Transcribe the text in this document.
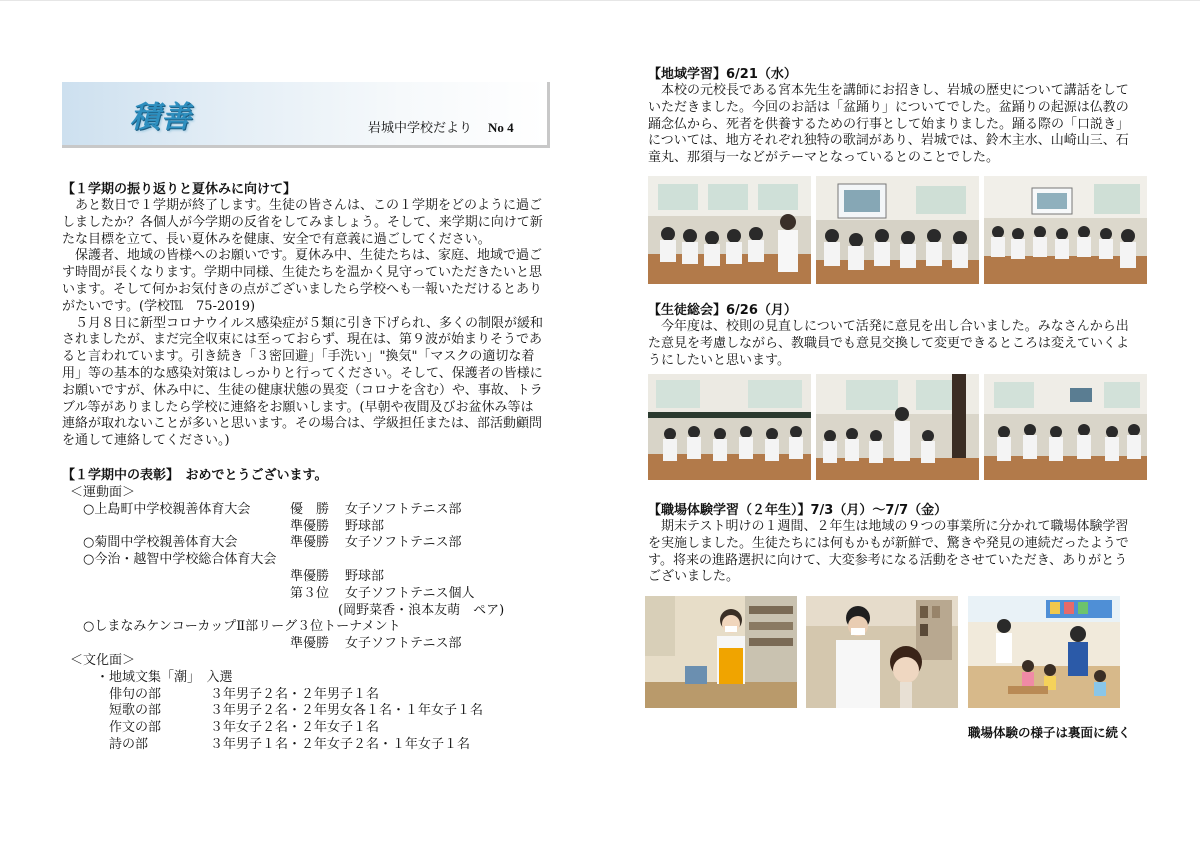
積善	岩城中学校だより No 4
【１学期の振り返りと夏休みに向けて】

　あと数日で１学期が終了します。生徒の皆さんは、この１学期をどのように過ご

しましたか？各個人が今学期の反省をしてみましょう。そして、来学期に向けて新

たな目標を立て、長い夏休みを健康、安全で有意義に過ごしてください。

　保護者、地域の皆様へのお願いです。夏休み中、生徒たちは、家庭、地域で過ご

す時間が長くなります。学期中同様、生徒たちを温かく見守っていただきたいと思

います。そして何かお気付きの点がございましたら学校へも一報いただけるとあり

がたいです。(学校℡　75-2019)

　５月８日に新型コロナウイルス感染症が５類に引き下げられ、多くの制限が緩和

されましたが、まだ完全収束には至っておらず、現在は、第９波が始まりそうであ

ると言われています。引き続き「３密回避」「手洗い」"換気"「マスクの適切な着

用」等の基本的な感染対策はしっかりと行ってください。そして、保護者の皆様に

お願いですが、休み中に、生徒の健康状態の異変（コロナを含む）や、事故、トラ

ブル等がありましたら学校に連絡をお願いします。(早朝や夜間及びお盆休み等は

連絡が取れないことが多いと思います。その場合は、学級担任または、部活動顧問

を通して連絡してください。)

【１学期中の表彰】　おめでとうございます。
＜運動面＞
　○上島町中学校親善体育大会	優　勝 女子ソフトテニス部
準優勝 野球部
　○菊間中学校親善体育大会	準優勝 女子ソフトテニス部
　○今治・越智中学校総合体育大会
準優勝 野球部
第３位 女子ソフトテニス個人
(岡野菜香・浪本友萌　ペア)
　○しまなみケンコーカップⅡ部リーグ３位トーナメント
準優勝 女子ソフトテニス部
＜文化面＞
　　・地域文集「潮」　入選
　　　俳句の部	３年男子２名・２年男子１名
　　　短歌の部	３年男子２名・２年男女各１名・１年女子１名
　　　作文の部	３年女子２名・２年女子１名
　　　詩の部	３年男子１名・２年女子２名・１年女子１名
【地域学習】6/21（水）

　本校の元校長である宮本先生を講師にお招きし、岩城の歴史について講話をして

いただきました。今回のお話は「盆踊り」についてでした。盆踊りの起源は仏教の

踊念仏から、死者を供養するための行事として始まりました。踊る際の「口説き」

については、地方それぞれ独特の歌詞があり、岩城では、鈴木主水、山崎山三、石

童丸、那須与一などがテーマとなっているとのことでした。

【生徒総会】6/26（月）

　今年度は、校則の見直しについて活発に意見を出し合いました。みなさんから出

た意見を考慮しながら、教職員でも意見交換して変更できるところは変えていくよ

うにしたいと思います。

【職場体験学習（２年生）】7/3（月）～7/7（金）

　期末テスト明けの１週間、２年生は地域の９つの事業所に分かれて職場体験学習

を実施しました。生徒たちには何もかもが新鮮で、驚きや発見の連続だったようで

す。将来の進路選択に向けて、大変参考になる活動をさせていただき、ありがとう

ございました。

職場体験の様子は裏面に続く
